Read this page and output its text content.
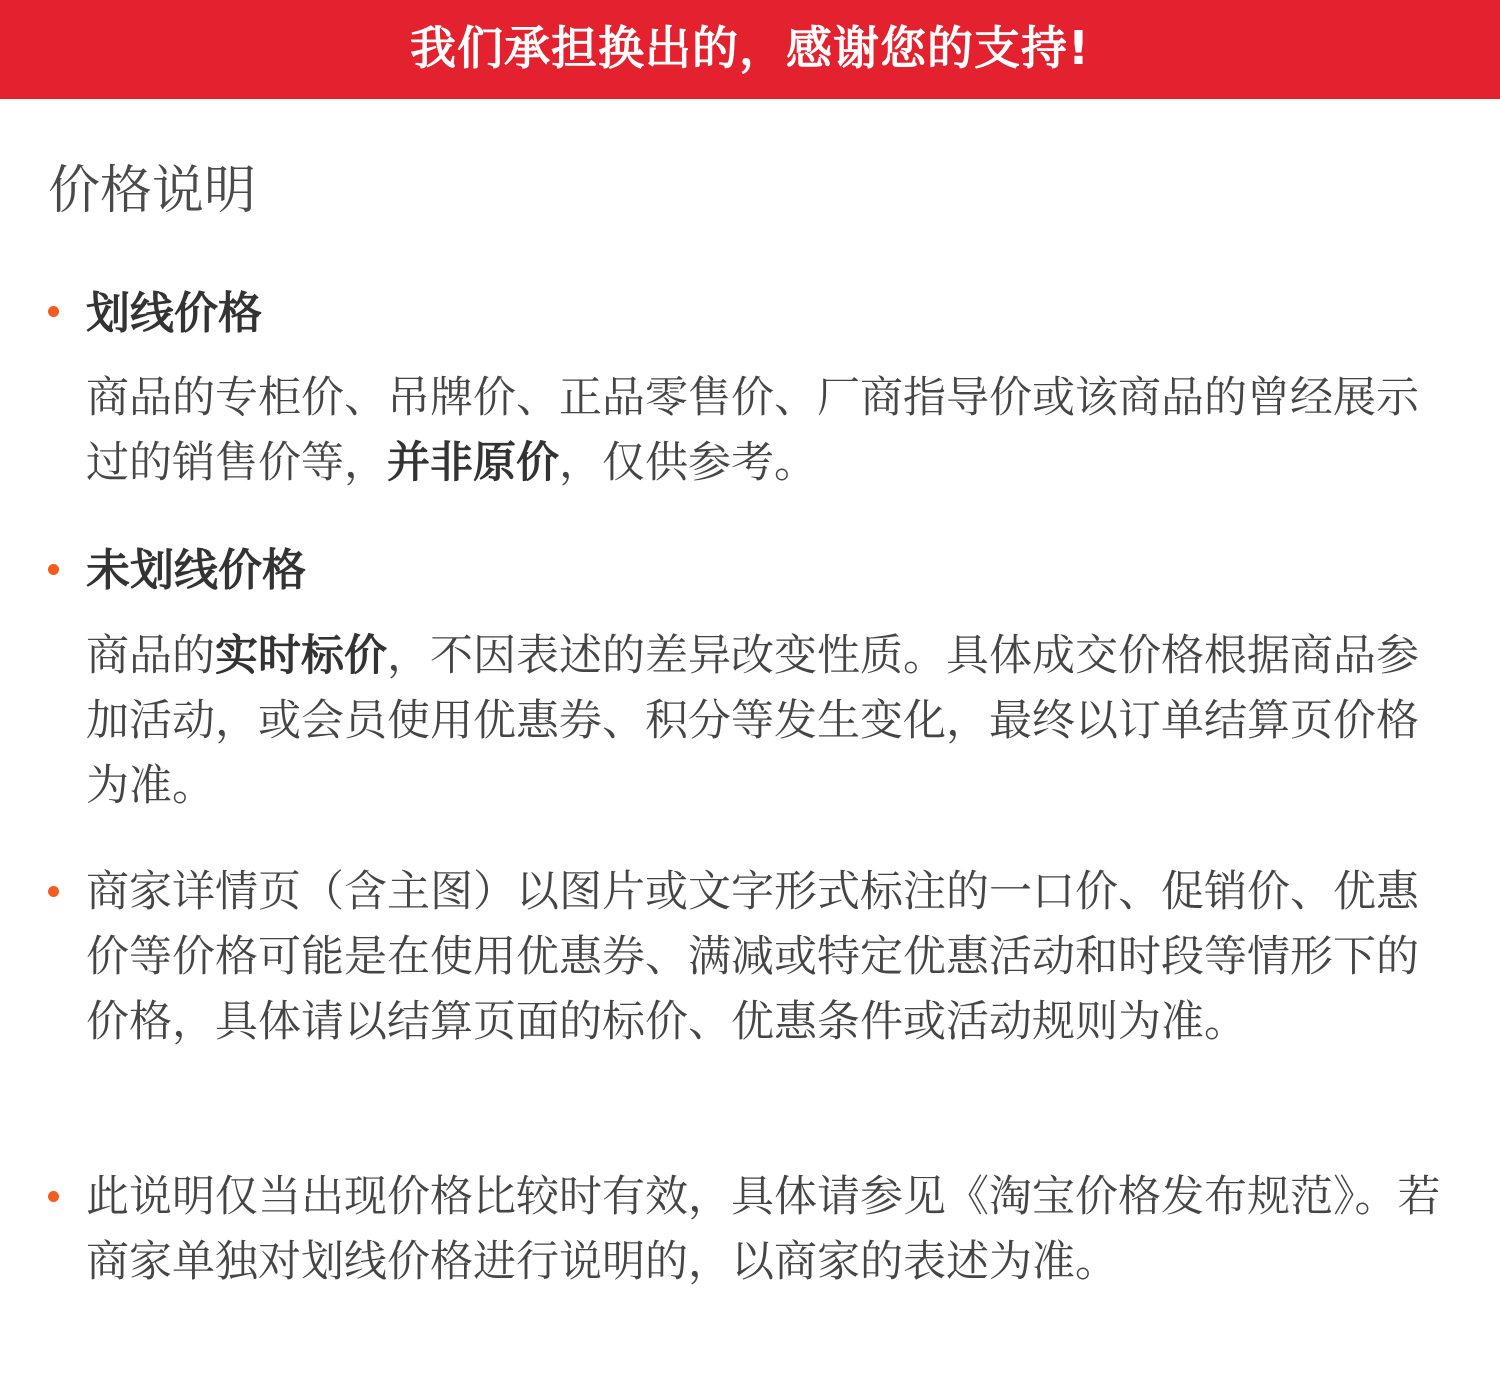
我们承担换出的，感谢您的支持!
价格说明
划线价格

商品的专柜价、吊牌价、正品零售价、厂商指导价或该商品的曾经展示过的销售价等，并非原价，仅供参考。

未划线价格

商品的实时标价，不因表述的差异改变性质。具体成交价格根据商品参加活动，或会员使用优惠券、积分等发生变化，最终以订单结算页价格为准。

商家详情页（含主图）以图片或文字形式标注的一口价、促销价、优惠价等价格可能是在使用优惠券、满减或特定优惠活动和时段等情形下的价格，具体请以结算页面的标价、优惠条件或活动规则为准。

此说明仅当出现价格比较时有效，具体请参见《淘宝价格发布规范》。若商家单独对划线价格进行说明的，以商家的表述为准。
